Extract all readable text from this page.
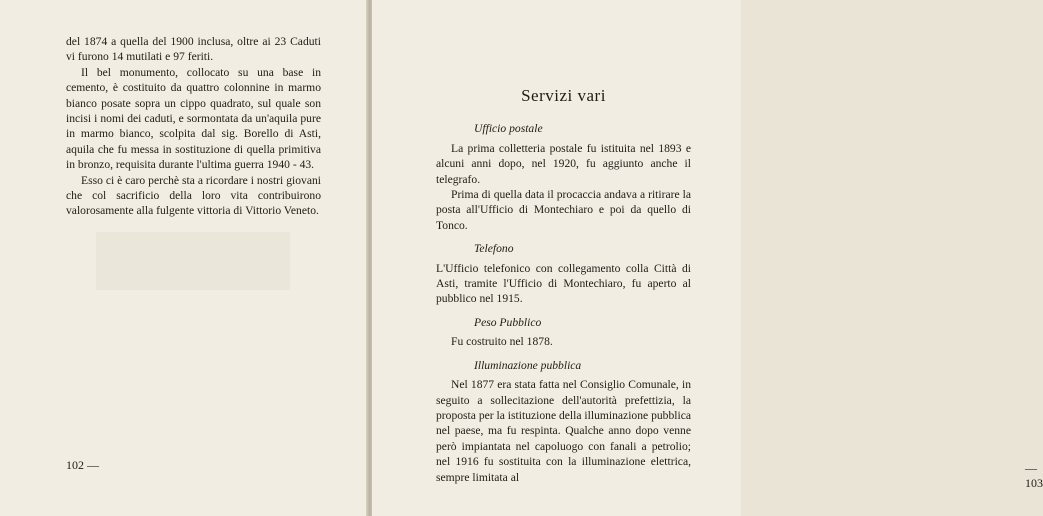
del 1874 a quella del 1900 inclusa, oltre ai 23 Caduti vi furono 14 mutilati e 97 feriti.

Il bel monumento, collocato su una base in cemento, è costituito da quattro colonnine in marmo bianco posate sopra un cippo quadrato, sul quale son incisi i nomi dei caduti, e sormontata da un'aquila pure in marmo bianco, scolpita dal sig. Borello di Asti, aquila che fu messa in sostituzione di quella primitiva in bronzo, requisita durante l'ultima guerra 1940 - 43.

Esso ci è caro perchè sta a ricordare i nostri giovani che col sacrificio della loro vita contribuirono valorosamente alla fulgente vittoria di Vittorio Veneto.

102 —	— 103
Servizi vari
Ufficio postale

La prima colletteria postale fu istituita nel 1893 e alcuni anni dopo, nel 1920, fu aggiunto anche il telegrafo.

Prima di quella data il procaccia andava a ritirare la posta all'Ufficio di Montechiaro e poi da quello di Tonco.

Telefono

L'Ufficio telefonico con collegamento colla Città di Asti, tramite l'Ufficio di Montechiaro, fu aperto al pubblico nel 1915.

Peso Pubblico

Fu costruito nel 1878.

Illuminazione pubblica

Nel 1877 era stata fatta nel Consiglio Comunale, in seguito a sollecitazione dell'autorità prefettizia, la proposta per la istituzione della illuminazione pubblica nel paese, ma fu respinta. Qualche anno dopo venne però impiantata nel capoluogo con fanali a petrolio; nel 1916 fu sostituita con la illuminazione elettrica, sempre limitata al
